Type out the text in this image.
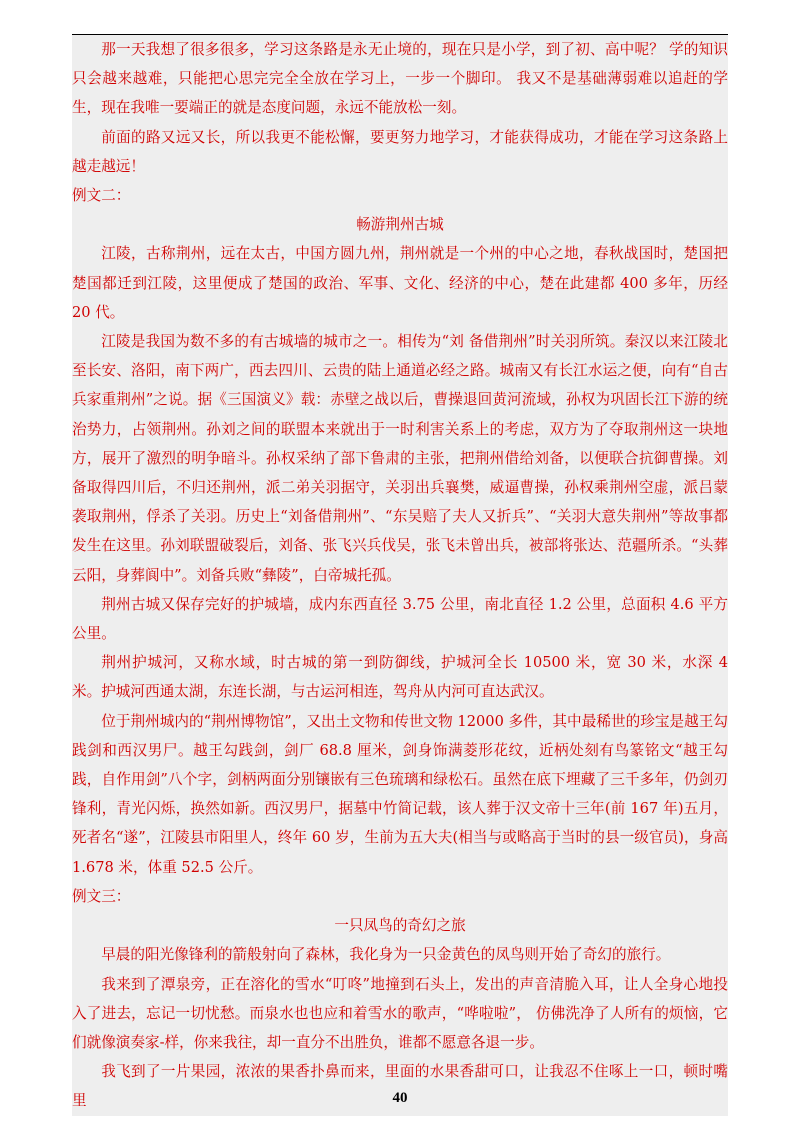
那一天我想了很多很多，学习这条路是永无止境的，现在只是小学，到了初、高中呢？ 学的知识只会越来越难，只能把心思完完全全放在学习上，一步一个脚印。 我又不是基础薄弱难以追赶的学生，现在我唯一要端正的就是态度问题，永远不能放松一刻。

前面的路又远又长，所以我更不能松懈，要更努力地学习，才能获得成功，才能在学习这条路上越走越远！

例文二：

畅游荆州古城

江陵，古称荆州，远在太古，中国方圆九州，荆州就是一个州的中心之地，春秋战国时，楚国把楚国都迁到江陵，这里便成了楚国的政治、军事、文化、经济的中心，楚在此建都 400 多年，历经 20 代。

江陵是我国为数不多的有古城墙的城市之一。相传为“刘 备借荆州”时关羽所筑。秦汉以来江陵北至长安、洛阳，南下两广，西去四川、云贵的陆上通道必经之路。城南又有长江水运之便，向有“自古兵家重荆州”之说。据《三国演义》载：赤壁之战以后，曹操退回黄河流域，孙权为巩固长江下游的统治势力，占领荆州。孙刘之间的联盟本来就出于一时利害关系上的考虑，双方为了夺取荆州这一块地方，展开了激烈的明争暗斗。孙权采纳了部下鲁肃的主张，把荆州借给刘备，以便联合抗御曹操。刘备取得四川后，不归还荆州，派二弟关羽据守，关羽出兵襄樊，威逼曹操，孙权乘荆州空虚，派吕蒙袭取荆州，俘杀了关羽。历史上“刘备借荆州”、“东吴赔了夫人又折兵”、“关羽大意失荆州”等故事都发生在这里。孙刘联盟破裂后，刘备、张飞兴兵伐吴，张飞未曾出兵，被部将张达、范疆所杀。“头葬云阳，身葬阆中”。刘备兵败“彝陵”，白帝城托孤。

荆州古城又保存完好的护城墙，成内东西直径 3.75 公里，南北直径 1.2 公里，总面积 4.6 平方公里。

荆州护城河，又称水域，时古城的第一到防御线，护城河全长 10500 米，宽 30 米，水深 4 米。护城河西通太湖，东连长湖，与古运河相连，驾舟从内河可直达武汉。

位于荆州城内的“荆州博物馆”，又出土文物和传世文物 12000 多件，其中最稀世的珍宝是越王勾践剑和西汉男尸。越王勾践剑，剑厂 68.8 厘米，剑身饰满菱形花纹，近柄处刻有鸟篆铭文“越王勾践，自作用剑”八个字，剑柄两面分别镶嵌有三色琉璃和绿松石。虽然在底下埋藏了三千多年，仍剑刃锋利，青光闪烁，换然如新。西汉男尸，据墓中竹简记载，该人葬于汉文帝十三年(前 167 年)五月，死者名“遂”，江陵县市阳里人，终年 60 岁，生前为五大夫(相当与或略高于当时的县一级官员)，身高 1.678 米，体重 52.5 公斤。

例文三：

一只凤鸟的奇幻之旅

早晨的阳光像锋利的箭般射向了森林，我化身为一只金黄色的凤鸟则开始了奇幻的旅行。

我来到了潭泉旁，正在溶化的雪水“叮咚”地撞到石头上，发出的声音清脆入耳，让人全身心地投入了进去，忘记一切忧愁。而泉水也也应和着雪水的歌声，“哗啦啦”， 仿佛洗净了人所有的烦恼，它们就像演奏家-样，你来我往，却一直分不出胜负，谁都不愿意各退一步。

我飞到了一片果园，浓浓的果香扑鼻而来，里面的水果香甜可口，让我忍不住啄上一口，顿时嘴里	40
